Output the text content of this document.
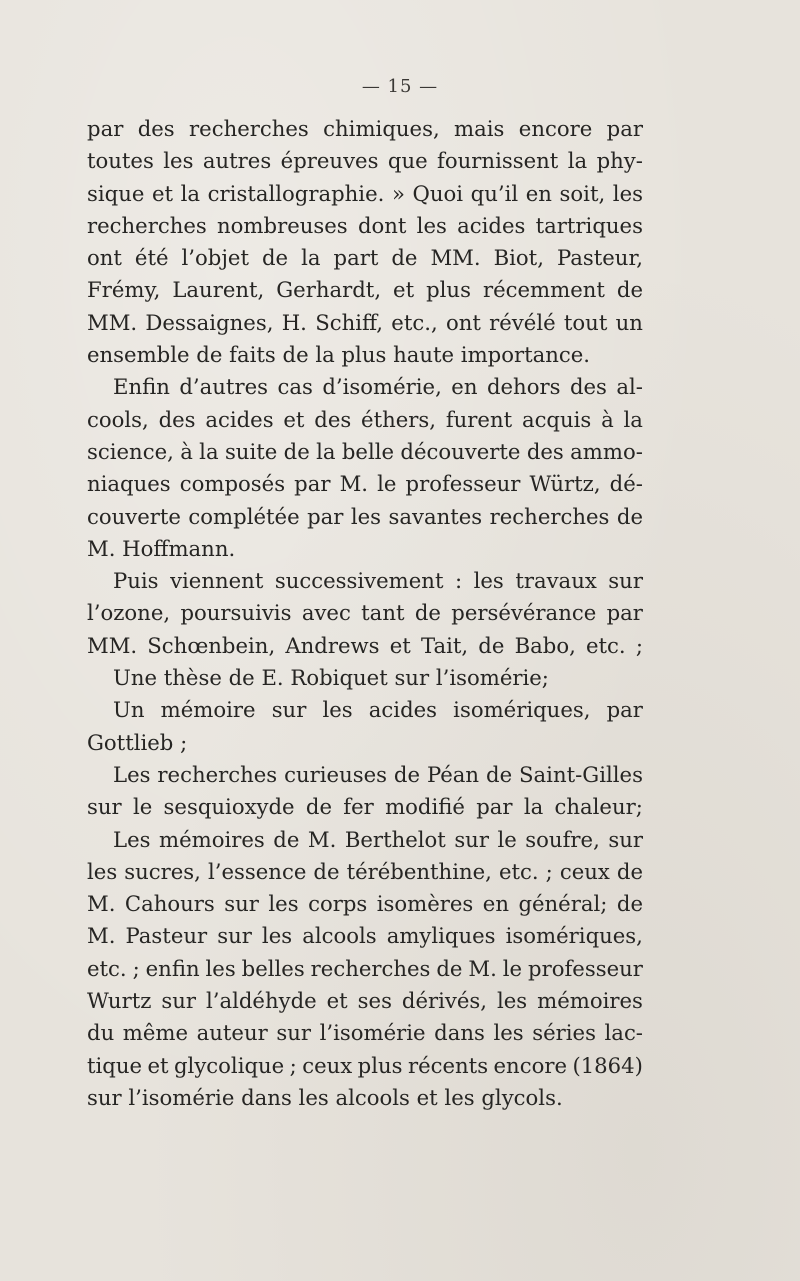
— 15 —
par des recherches chimiques, mais encore par
toutes les autres épreuves que fournissent la phy-
sique et la cristallographie. » Quoi qu’il en soit, les
recherches nombreuses dont les acides tartriques
ont été l’objet de la part de MM. Biot, Pasteur,
Frémy, Laurent, Gerhardt, et plus récemment de
MM. Dessaignes, H. Schiff, etc., ont révélé tout un
ensemble de faits de la plus haute importance.
Enfin d’autres cas d’isomérie, en dehors des al-
cools, des acides et des éthers, furent acquis à la
science, à la suite de la belle découverte des ammo-
niaques composés par M. le professeur Würtz, dé-
couverte complétée par les savantes recherches de
M. Hoffmann.
Puis viennent successivement : les travaux sur
l’ozone, poursuivis avec tant de persévérance par
MM. Schœnbein, Andrews et Tait, de Babo, etc. ;
Une thèse de E. Robiquet sur l’isomérie;
Un mémoire sur les acides isomériques, par
Gottlieb ;
Les recherches curieuses de Péan de Saint-Gilles
sur le sesquioxyde de fer modifié par la chaleur;
Les mémoires de M. Berthelot sur le soufre, sur
les sucres, l’essence de térébenthine, etc. ; ceux de
M. Cahours sur les corps isomères en général; de
M. Pasteur sur les alcools amyliques isomériques,
etc. ; enfin les belles recherches de M. le professeur
Wurtz sur l’aldéhyde et ses dérivés, les mémoires
du même auteur sur l’isomérie dans les séries lac-
tique et glycolique ; ceux plus récents encore (1864)
sur l’isomérie dans les alcools et les glycols.
